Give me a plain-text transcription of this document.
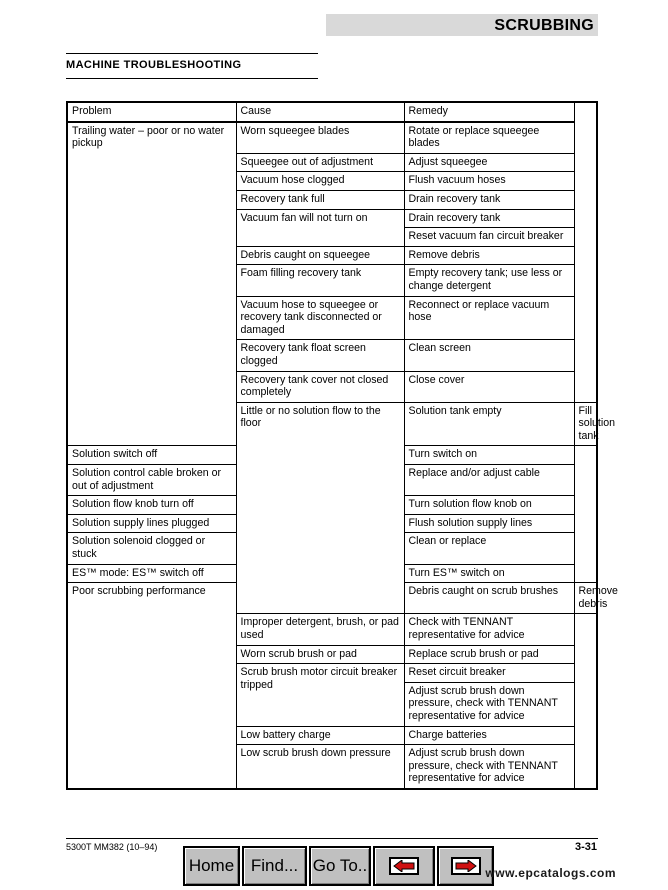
SCRUBBING
MACHINE TROUBLESHOOTING
Problem	Cause	Remedy	
Trailing water – poor or no water pickup	Worn squeegee blades	Rotate or replace squeegee blades	
	Squeegee out of adjustment	Adjust squeegee	
	Vacuum hose clogged	Flush vacuum hoses	
	Recovery tank full	Drain recovery tank	
	Vacuum fan will not turn on	Drain recovery tank	
		Reset vacuum fan circuit breaker	
	Debris caught on squeegee	Remove debris	
	Foam filling recovery tank	Empty recovery tank; use less or change detergent	
	Vacuum hose to squeegee or recovery tank disconnected or damaged	Reconnect or replace vacuum hose	
	Recovery tank float screen clogged	Clean screen	
	Recovery tank cover not closed completely	Close cover	
	Little or no solution flow to the floor	Solution tank empty	Fill solution tank
Solution switch off		Turn switch on	
Solution control cable broken or out of adjustment		Replace and/or adjust cable	
Solution flow knob turn off		Turn solution flow knob on	
Solution supply lines plugged		Flush solution supply lines	
Solution solenoid clogged or stuck		Clean or replace	
ES™ mode: ES™ switch off		Turn ES™ switch on	
Poor scrubbing performance		Debris caught on scrub brushes	Remove debris
	Improper detergent, brush, or pad used	Check with TENNANT representative for advice	
	Worn scrub brush or pad	Replace scrub brush or pad	
	Scrub brush motor circuit breaker tripped	Reset circuit breaker	
		Adjust scrub brush down pressure, check with TENNANT representative for advice	
	Low battery charge	Charge batteries	
	Low scrub brush down pressure	Adjust scrub brush down pressure, check with TENNANT representative for advice	
5300T MM382 (10–94)	3-31
Home Find... Go To..	www.epcatalogs.com
